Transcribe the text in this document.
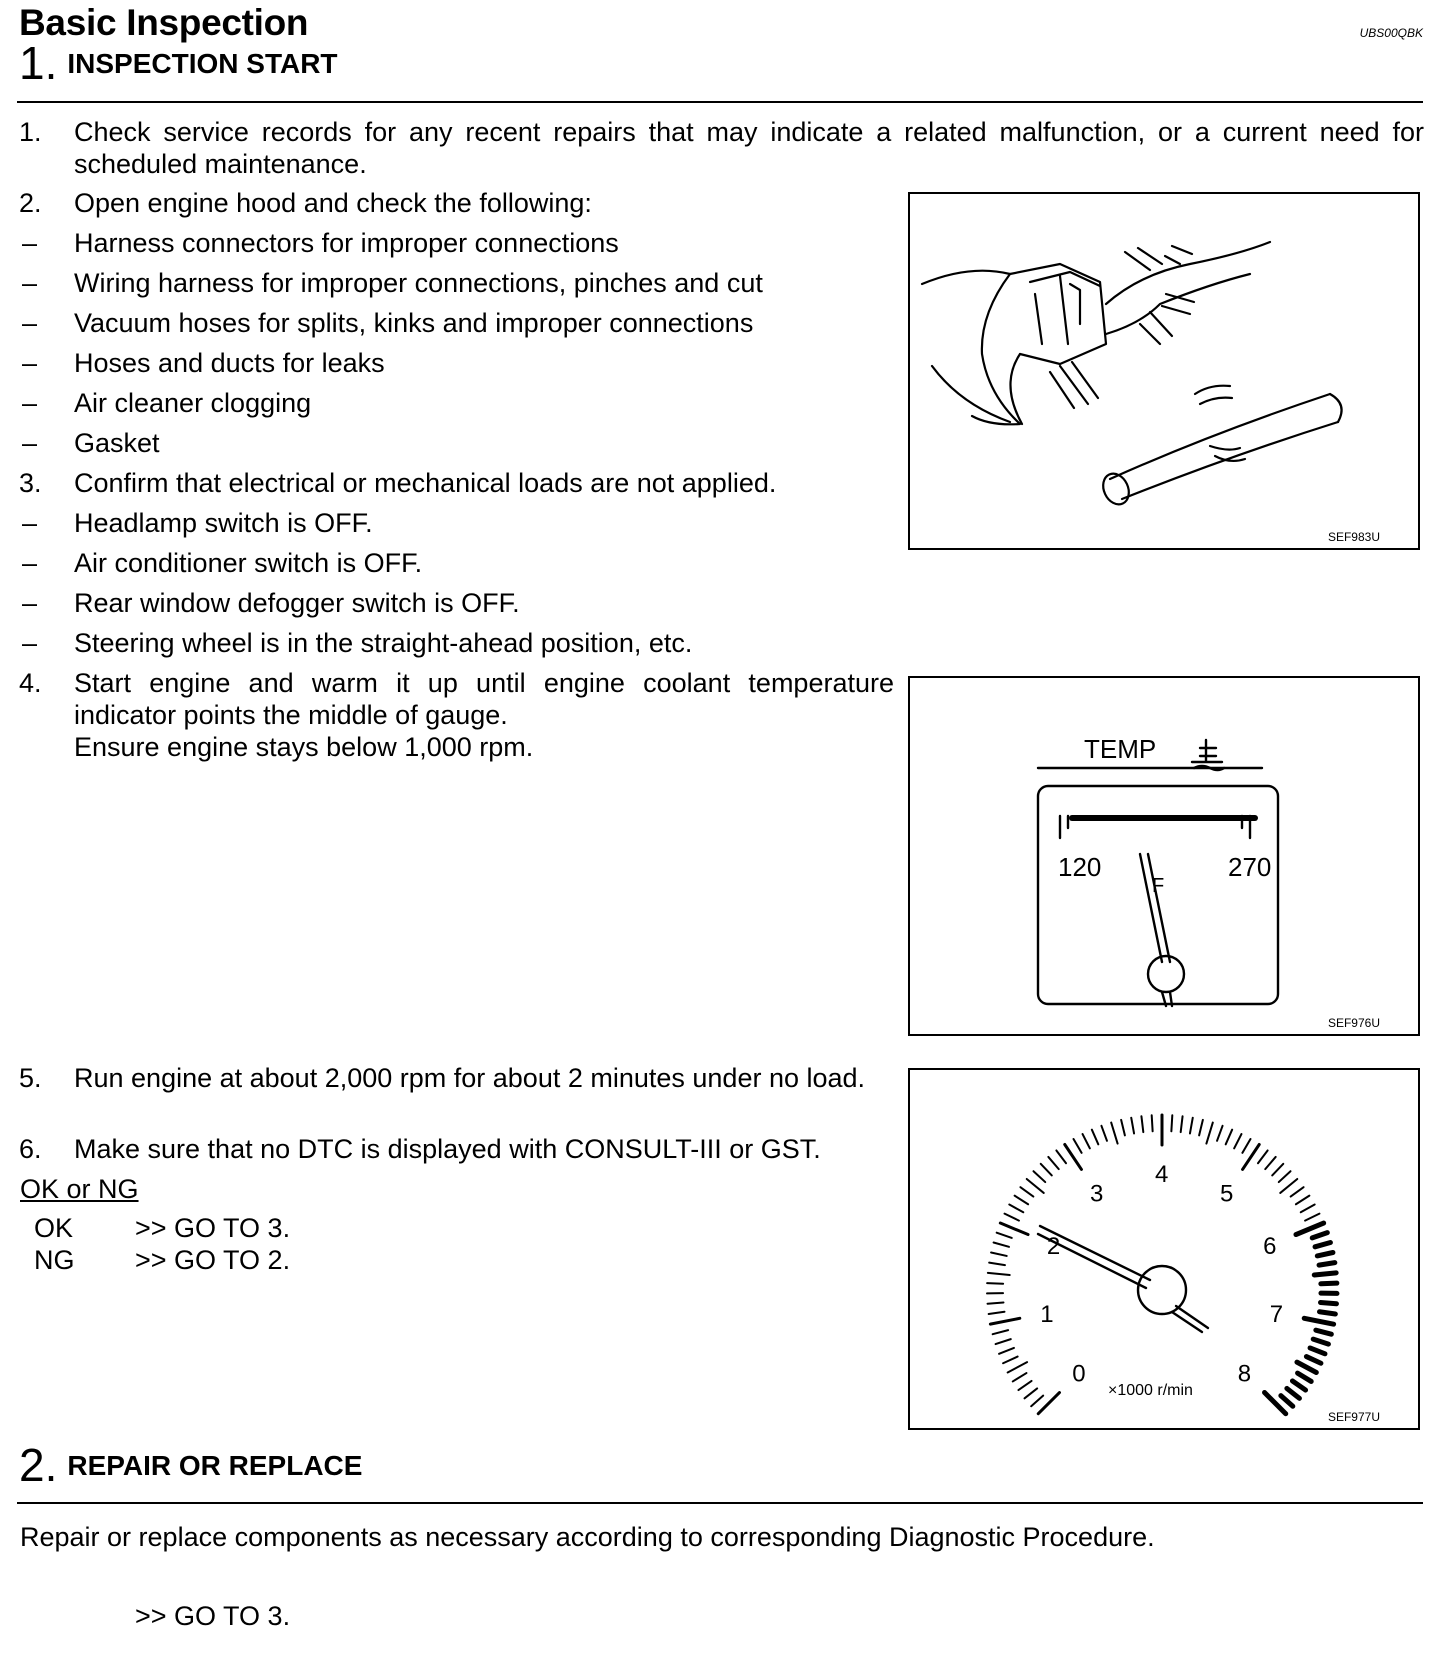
Basic Inspection	UBS00QBK
1. INSPECTION START
1.	Check service records for any recent repairs that may indicate a related malfunction, or a current need for scheduled maintenance.
2.	Open engine hood and check the following:
– Harness connectors for improper connections
– Wiring harness for improper connections, pinches and cut
– Vacuum hoses for splits, kinks and improper connections
– Hoses and ducts for leaks
– Air cleaner clogging
– Gasket
3.	Confirm that electrical or mechanical loads are not applied.
– Headlamp switch is OFF.
– Air conditioner switch is OFF.
– Rear window defogger switch is OFF.
– Steering wheel is in the straight-ahead position, etc.
4.	Start engine and warm it up until engine coolant temperature indicator points the middle of gauge.
Ensure engine stays below 1,000 rpm.
5.	Run engine at about 2,000 rpm for about 2 minutes under no load.
6.	Make sure that no DTC is displayed with CONSULT-III or GST.
OK or NG
OK >> GO TO 3.
NG >> GO TO 2.
SEF983U
TEMP
120	270
F
SEF976U
0
1
2
3
4
5
6
7
8
×1000 r/min
SEF977U
2. REPAIR OR REPLACE
Repair or replace components as necessary according to corresponding Diagnostic Procedure.
>> GO TO 3.
